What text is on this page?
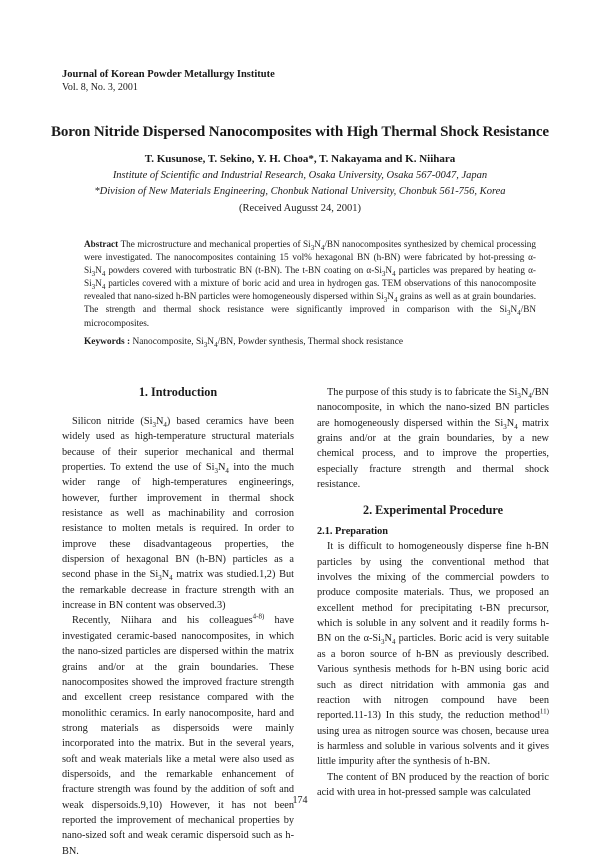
Journal of Korean Powder Metallurgy Institute
Vol. 8, No. 3, 2001
Boron Nitride Dispersed Nanocomposites with High Thermal Shock Resistance
T. Kusunose, T. Sekino, Y. H. Choa*, T. Nakayama and K. Niihara
Institute of Scientific and Industrial Research, Osaka University, Osaka 567-0047, Japan
*Division of New Materials Engineering, Chonbuk National University, Chonbuk 561-756, Korea
(Received Augusst 24, 2001)
Abstract The microstructure and mechanical properties of $Si_3N_4/BN$ nanocomposites synthesized by chemical processing were investigated. The nanocomposites containing 15 vol% hexagonal BN (h-BN) were fabricated by hot-pressing $\alpha-Si_3N_4$ powders covered with turbostratic BN (t-BN). The t-BN coating on $\alpha-Si_3N_4$ particles was prepared by heating $\alpha-Si_3N_4$ particles covered with a mixture of boric acid and urea in hydrogen gas. TEM observations of this nanocomposite revealed that nano-sized h-BN particles were homogeneously dispersed within $Si_3N_4$ grains as well as at grain boundaries. The strength and thermal shock resistance were significantly improved in comparison with the $Si_3N_4/BN$ microcomposites.
Keywords : Nanocomposite, $Si_3N_4/BN$, Powder synthesis, Thermal shock resistance
1. Introduction

Silicon nitride $(Si_3N_4)$ based ceramics have been widely used as high-temperature structural materials because of their superior mechanical and thermal properties. To extend the use of $Si_3N_4$ into the much wider range of high-temperatures engineerings, however, further improvement in thermal shock resistance as well as machinability and corrosion resistance to molten metals is required. In order to improve these disadvantageous properties, the dispersion of hexagonal BN (h-BN) particles as a second phase in the $Si_3N_4$ matrix was studied.1,2) But the remarkable decrease in fracture strength with an increase in BN content was observed.3)

Recently, Niihara and his colleagues$^{4-8)}$ have investigated ceramic-based nanocomposites, in which the nano-sized particles are dispersed within the matrix grains and/or at the grain boundaries. These nanocomposites showed the improved fracture strength and excellent creep resistance compared with the monolithic ceramics. In early nanocomposite, hard and strong materials as dispersoids were mainly incorporated into the matrix. But in the several years, soft and weak materials like a metal were also used as dispersoids, and the remarkable enhancement of fracture strength was found by the addition of soft and weak dispersoids.9,10) However, it has not been reported the improvement of mechanical properties by nano-sized soft and weak ceramic dispersoid such as h-BN.

The purpose of this study is to fabricate the $Si_3N_4/BN$ nanocomposite, in which the nano-sized BN particles are homogeneously dispersed within the $Si_3N_4$ matrix grains and/or at the grain boundaries, by a new chemical process, and to improve the properties, especially fracture strength and thermal shock resistance.

2. Experimental Procedure
2.1. Preparation

It is difficult to homogeneously disperse fine h-BN particles by using the conventional method that involves the mixing of the commercial powders to produce composite materials. Thus, we proposed an excellent method for precipitating t-BN precursor, which is soluble in any solvent and it readily forms h-BN on the $\alpha-Si_3N_4$ particles. Boric acid is very suitable as a boron source of h-BN as previously described. Various synthesis methods for h-BN using boric acid such as direct nitridation with ammonia gas and reaction with nitrogen compound have been reported.11-13) In this study, the reduction method$^{11)}$ using urea as nitrogen source was chosen, because urea is harmless and soluble in various solvents and it gives little impurity after the synthesis of h-BN.

The content of BN produced by the reaction of boric acid with urea in hot-pressed sample was calculated

174
